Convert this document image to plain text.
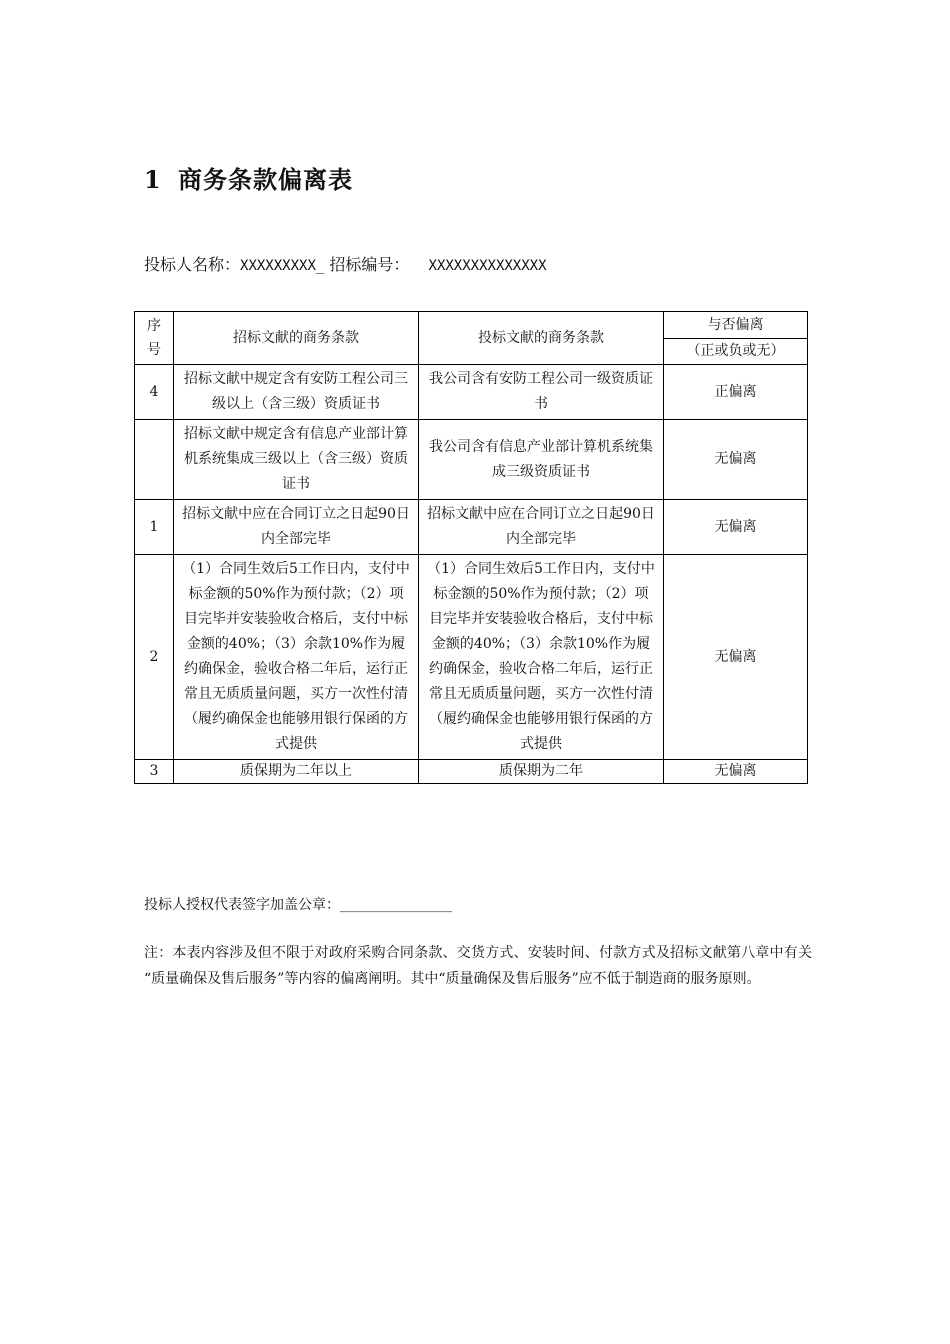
1 商务条款偏离表
投标人名称：XXXXXXXXX_ 招标编号： XXXXXXXXXXXXXX
序号	招标文献的商务条款	投标文献的商务条款	与否偏离
			（正或负或无）
4	招标文献中规定含有安防工程公司三级以上（含三级）资质证书	我公司含有安防工程公司一级资质证书	正偏离
	招标文献中规定含有信息产业部计算机系统集成三级以上（含三级）资质证书	我公司含有信息产业部计算机系统集成三级资质证书	无偏离
1	招标文献中应在合同订立之日起90日内全部完毕	招标文献中应在合同订立之日起90日内全部完毕	无偏离
2	（1）合同生效后5工作日内，支付中标金额的50%作为预付款；（2）项目完毕并安装验收合格后，支付中标金额的40%；（3）余款10%作为履约确保金，验收合格二年后，运行正常且无质质量问题，买方一次性付清（履约确保金也能够用银行保函的方式提供	（1）合同生效后5工作日内，支付中标金额的50%作为预付款；（2）项目完毕并安装验收合格后，支付中标金额的40%；（3）余款10%作为履约确保金，验收合格二年后，运行正常且无质质量问题，买方一次性付清（履约确保金也能够用银行保函的方式提供	无偏离
3	质保期为二年以上	质保期为二年	无偏离
投标人授权代表签字加盖公章：________________
注：本表内容涉及但不限于对政府采购合同条款、交货方式、安装时间、付款方式及招标文献第八章中有关 “质量确保及售后服务”等内容的偏离阐明。其中“质量确保及售后服务”应不低于制造商的服务原则。
